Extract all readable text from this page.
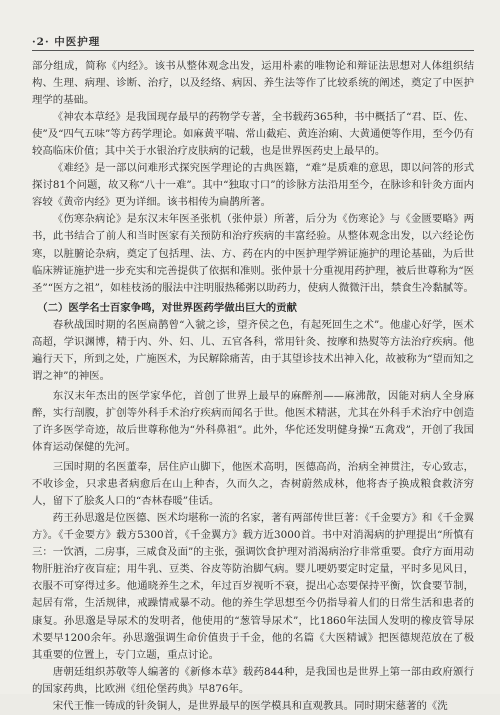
·2· 中医护理

部分组成，简称《内经》。该书从整体观念出发，运用朴素的唯物论和辩证法思想对人体组织结构、生理、病理、诊断、治疗，以及经络、病因、养生法等作了比较系统的阐述，奠定了中医护理学的基础。

《神农本草经》是我国现存最早的药物学专著，全书载药365种，书中概括了“君、臣、佐、使”及“四气五味”等方药学理论。如麻黄平喘、常山截疟、黄连治痢、大黄通便等作用，至今仍有较高临床价值；其中关于水银治疗皮肤病的记载，也是世界医药史上最早的。

《难经》是一部以问难形式探究医学理论的古典医籍，“难”是质难的意思，即以问答的形式探讨81个问题，故又称“八十一难”。其中“独取寸口”的诊脉方法沿用至今，在脉诊和针灸方面内容较《黄帝内经》更为详细。该书相传为扁鹊所著。

《伤寒杂病论》是东汉末年医圣张机（张仲景）所著，后分为《伤寒论》与《金匮要略》两书，此书结合了前人和当时医家有关预防和治疗疾病的丰富经验。从整体观念出发，以六经论伤寒，以脏腑论杂病，奠定了包括理、法、方、药在内的中医护理学辨证施护的理论基础，为后世临床辨证施护进一步充实和完善提供了依据和准则。张仲景十分重视用药护理，被后世尊称为“医圣”“医方之祖”，如桂枝汤的服法中注明服热稀粥以助药力，使病人微微汗出，禁食生冷黏腻等。

（二）医学名士百家争鸣，对世界医药学做出巨大的贡献

春秋战国时期的名医扁鹊曾“入虢之诊，望齐侯之色，有起死回生之术”。他虚心好学，医术高超，学识渊博，精于内、外、妇、儿、五官各科，常用针灸、按摩和热熨等方法治疗疾病。他遍行天下，所到之处，广施医术，为民解除痛苦，由于其望诊技术出神入化，故被称为“望而知之谓之神”的神医。

东汉末年杰出的医学家华佗，首创了世界上最早的麻醉剂——麻沸散，因能对病人全身麻醉，实行剖腹，扩创等外科手术治疗疾病而闻名于世。他医术精湛，尤其在外科手术治疗中创造了许多医学奇迹，故后世尊称他为“外科鼻祖”。此外，华佗还发明健身操“五禽戏”，开创了我国体育运动保健的先河。

三国时期的名医董奉，居住庐山脚下，他医术高明，医德高尚，治病全神贯注，专心致志，不收诊金，只求患者病愈后在山上种杏，久而久之，杏树蔚然成林，他将杏子换成粮食救济穷人，留下了脍炙人口的“杏林春暖”佳话。

药王孙思邈是位医德、医术均堪称一流的名家，著有两部传世巨著：《千金要方》和《千金翼方》。《千金要方》载方5300首，《千金翼方》载方近3000首。书中对消渴病的护理提出“所慎有三：一饮酒，二房事，三咸食及面”的主张，强调饮食护理对消渴病治疗非常重要。食疗方面用动物肝脏治疗夜盲症；用牛乳、豆类、谷皮等防治脚气病。婴儿哽奶要定时定量，平时多见风日，衣服不可穿得过多。他通晓养生之术，年过百岁视听不衰，提出心态要保持平衡，饮食要节制，起居有常，生活规律，戒躁情戒暴不动。他的养生学思想至今仍指导着人们的日常生活和患者的康复。孙思邈是导尿术的发明者，他使用的“葱管导尿术”，比1860年法国人发明的橡皮管导尿术要早1200余年。孙思邈强调生命价值贵于千金，他的名篇《大医精诚》把医德规范放在了极其重要的位置上，专门立题，重点讨论。

唐朝廷组织苏敬等人编著的《新修本草》载药844种，是我国也是世界上第一部由政府颁行的国家药典，比欧洲《纽伦堡药典》早876年。

宋代王惟一铸成的针灸铜人，是世界最早的医学模具和直观教具。同时期宋慈著的《洗
